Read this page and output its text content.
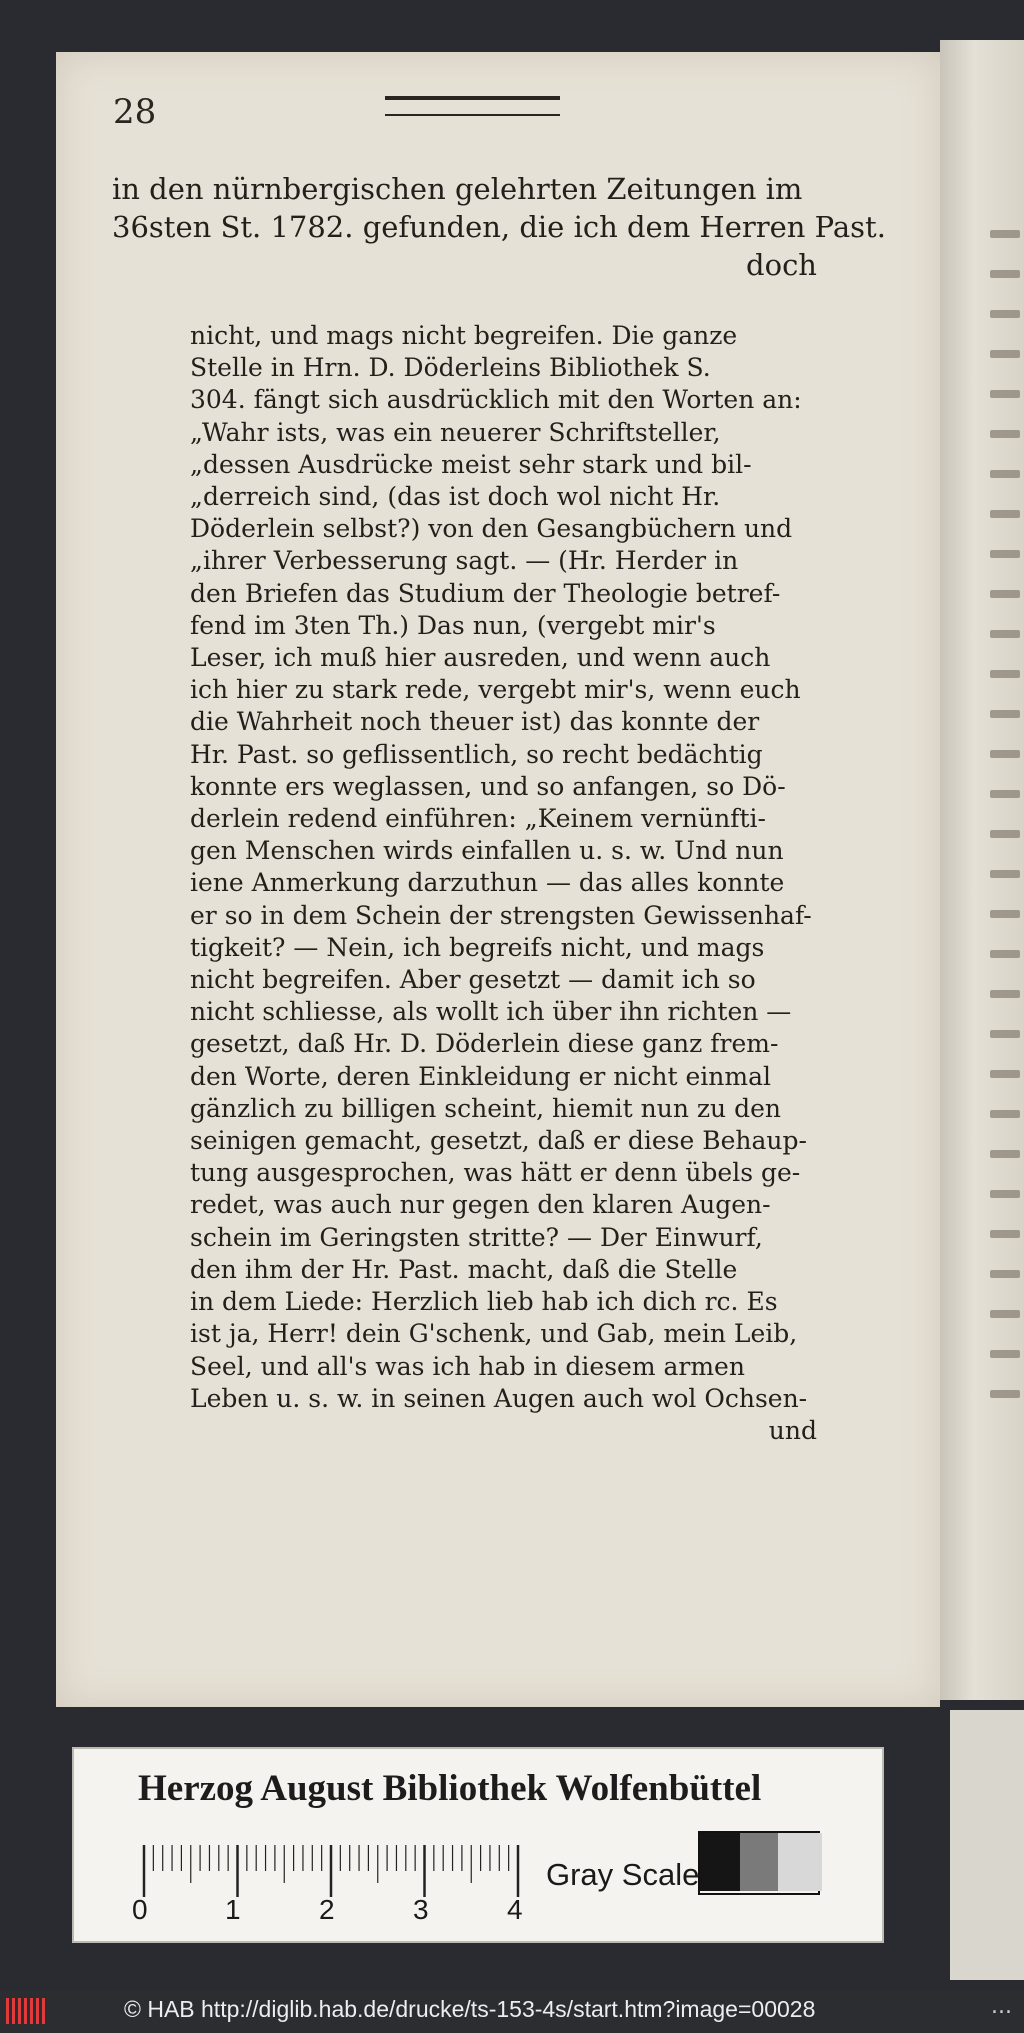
28
in den nürnbergischen gelehrten Zeitungen im
36sten St. 1782. gefunden, die ich dem Herren Past.
doch
nicht, und mags nicht begreifen. Die ganze
Stelle in Hrn. D. Döderleins Bibliothek S.
304. fängt sich ausdrücklich mit den Worten an:
„Wahr ists, was ein neuerer Schriftsteller,
„dessen Ausdrücke meist sehr stark und bil-
„derreich sind, (das ist doch wol nicht Hr.
Döderlein selbst?) von den Gesangbüchern und
„ihrer Verbesserung sagt. — (Hr. Herder in
den Briefen das Studium der Theologie betref-
fend im 3ten Th.) Das nun, (vergebt mir's
Leser, ich muß hier ausreden, und wenn auch
ich hier zu stark rede, vergebt mir's, wenn euch
die Wahrheit noch theuer ist) das konnte der
Hr. Past. so geflissentlich, so recht bedächtig
konnte ers weglassen, und so anfangen, so Dö-
derlein redend einführen: „Keinem vernünfti-
gen Menschen wirds einfallen u. s. w. Und nun
iene Anmerkung darzuthun — das alles konnte
er so in dem Schein der strengsten Gewissenhaf-
tigkeit? — Nein, ich begreifs nicht, und mags
nicht begreifen. Aber gesetzt — damit ich so
nicht schliesse, als wollt ich über ihn richten —
gesetzt, daß Hr. D. Döderlein diese ganz frem-
den Worte, deren Einkleidung er nicht einmal
gänzlich zu billigen scheint, hiemit nun zu den
seinigen gemacht, gesetzt, daß er diese Behaup-
tung ausgesprochen, was hätt er denn übels ge-
redet, was auch nur gegen den klaren Augen-
schein im Geringsten stritte? — Der Einwurf,
den ihm der Hr. Past. macht, daß die Stelle
in dem Liede: Herzlich lieb hab ich dich rc. Es
ist ja, Herr! dein G'schenk, und Gab, mein Leib,
Seel, und all's was ich hab in diesem armen
Leben u. s. w. in seinen Augen auch wol Ochsen-
und
Herzog August Bibliothek Wolfenbüttel
0	1	2	3	4
Gray Scale
© HAB http://diglib.hab.de/drucke/ts-153-4s/start.htm?image=00028	...
